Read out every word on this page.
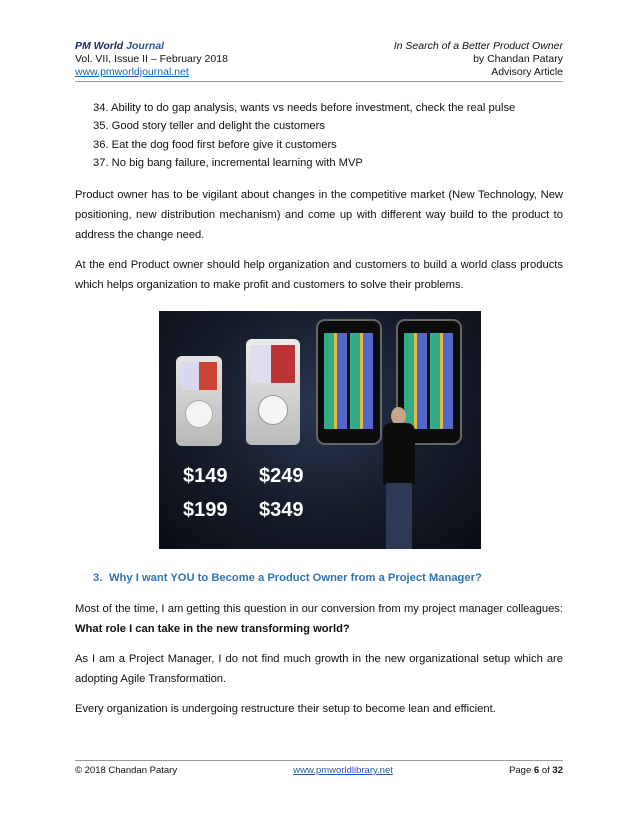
PM World Journal	In Search of a Better Product Owner
Vol. VII, Issue II – February 2018	by Chandan Patary
www.pmworldjournal.net	Advisory Article
34. Ability to do gap analysis, wants vs needs before investment, check the real pulse
35. Good story teller and delight the customers
36. Eat the dog food first before give it customers
37. No big bang failure, incremental learning with MVP

Product owner has to be vigilant about changes in the competitive market (New Technology, New positioning, new distribution mechanism) and come up with different way build to the product to address the change need.

At the end Product owner should help organization and customers to build a world class products which helps organization to make profit and customers to solve their problems.

$149 $249
$199 $349
3. Why I want YOU to Become a Product Owner from a Project Manager?

Most of the time, I am getting this question in our conversion from my project manager colleagues: What role I can take in the new transforming world?

As I am a Project Manager, I do not find much growth in the new organizational setup which are adopting Agile Transformation.

Every organization is undergoing restructure their setup to become lean and efficient.

© 2018 Chandan Patary	www.pmworldlibrary.net	Page 6 of 32
